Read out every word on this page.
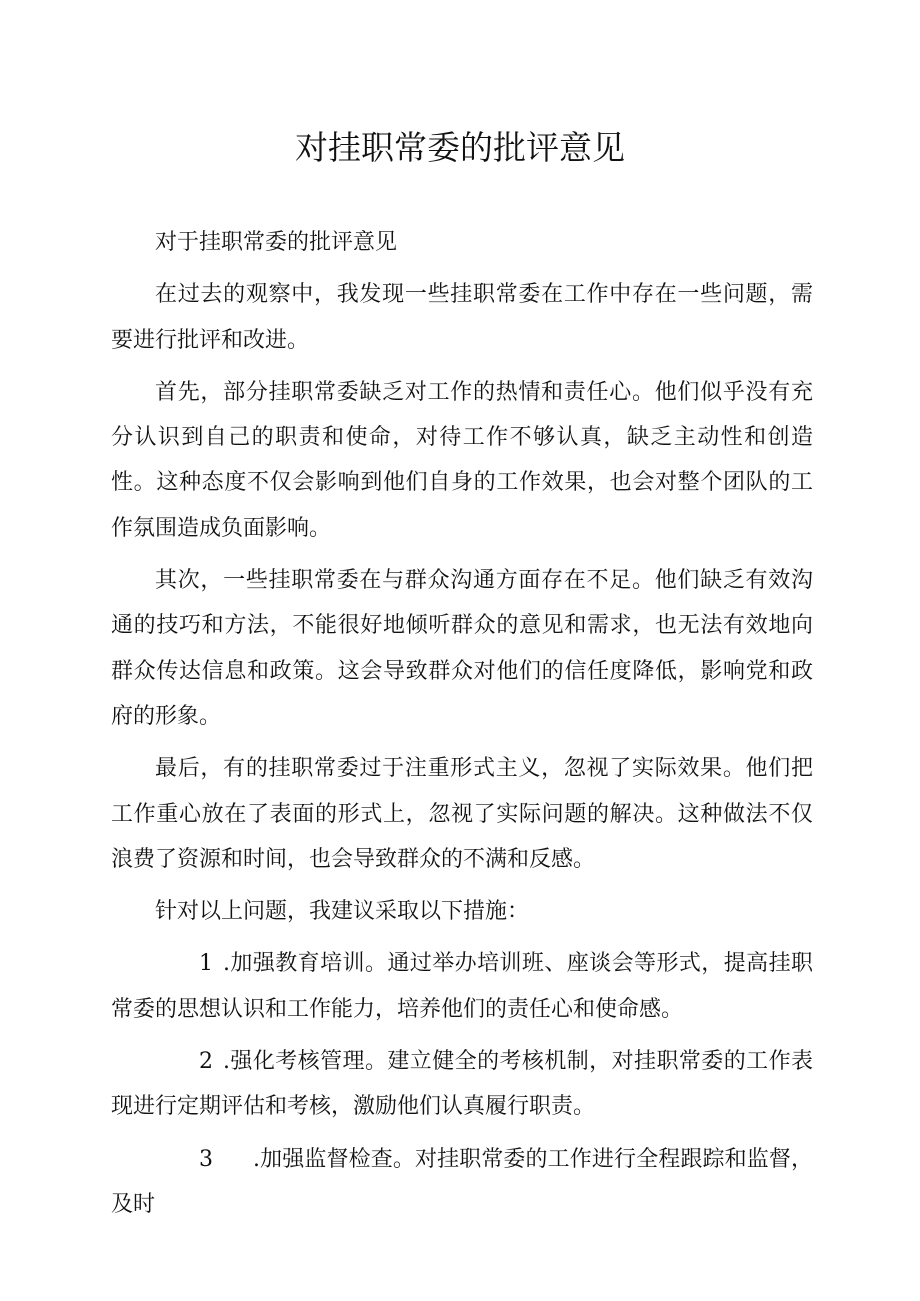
对挂职常委的批评意见

对于挂职常委的批评意见

在过去的观察中，我发现一些挂职常委在工作中存在一些问题，需要进行批评和改进。

首先，部分挂职常委缺乏对工作的热情和责任心。他们似乎没有充分认识到自己的职责和使命，对待工作不够认真，缺乏主动性和创造性。这种态度不仅会影响到他们自身的工作效果，也会对整个团队的工作氛围造成负面影响。

其次，一些挂职常委在与群众沟通方面存在不足。他们缺乏有效沟通的技巧和方法，不能很好地倾听群众的意见和需求，也无法有效地向群众传达信息和政策。这会导致群众对他们的信任度降低，影响党和政府的形象。

最后，有的挂职常委过于注重形式主义，忽视了实际效果。他们把工作重心放在了表面的形式上，忽视了实际问题的解决。这种做法不仅浪费了资源和时间，也会导致群众的不满和反感。

针对以上问题，我建议采取以下措施：

1 .加强教育培训。通过举办培训班、座谈会等形式，提高挂职常委的思想认识和工作能力，培养他们的责任心和使命感。

2 .强化考核管理。建立健全的考核机制，对挂职常委的工作表现进行定期评估和考核，激励他们认真履行职责。

3 .加强监督检查。对挂职常委的工作进行全程跟踪和监督，及时
